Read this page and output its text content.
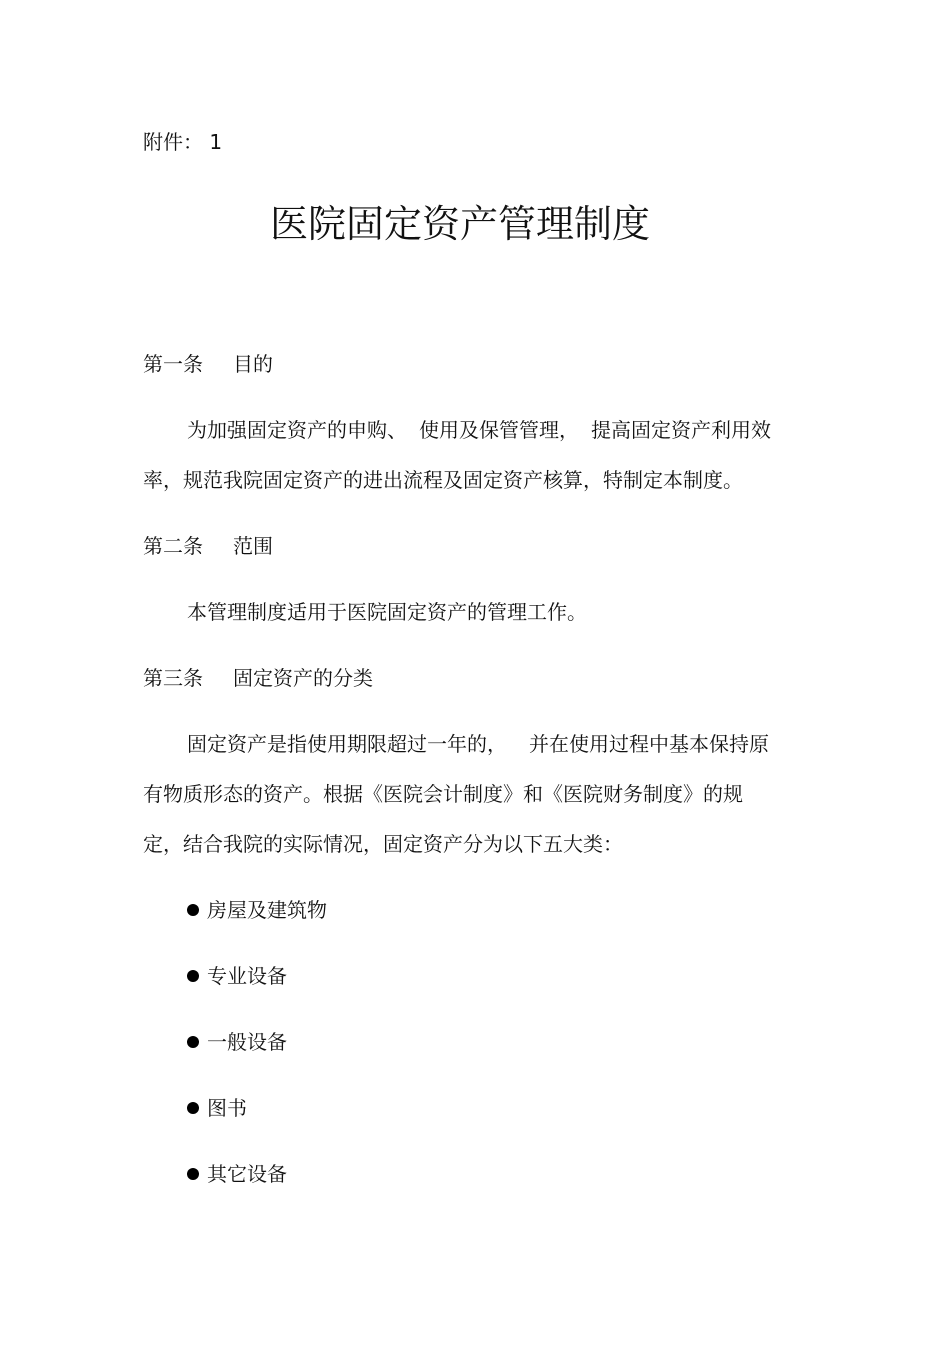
附件： 1

医院固定资产管理制度

第一条 目的

为加强固定资产的申购、 使用及保管管理， 提高固定资产利用效

率，规范我院固定资产的进出流程及固定资产核算，特制定本制度。

第二条 范围

本管理制度适用于医院固定资产的管理工作。

第三条 固定资产的分类

固定资产是指使用期限超过一年的， 并在使用过程中基本保持原

有物质形态的资产。根据《医院会计制度》和《医院财务制度》的规

定，结合我院的实际情况，固定资产分为以下五大类：

房屋及建筑物

专业设备

一般设备

图书

其它设备
